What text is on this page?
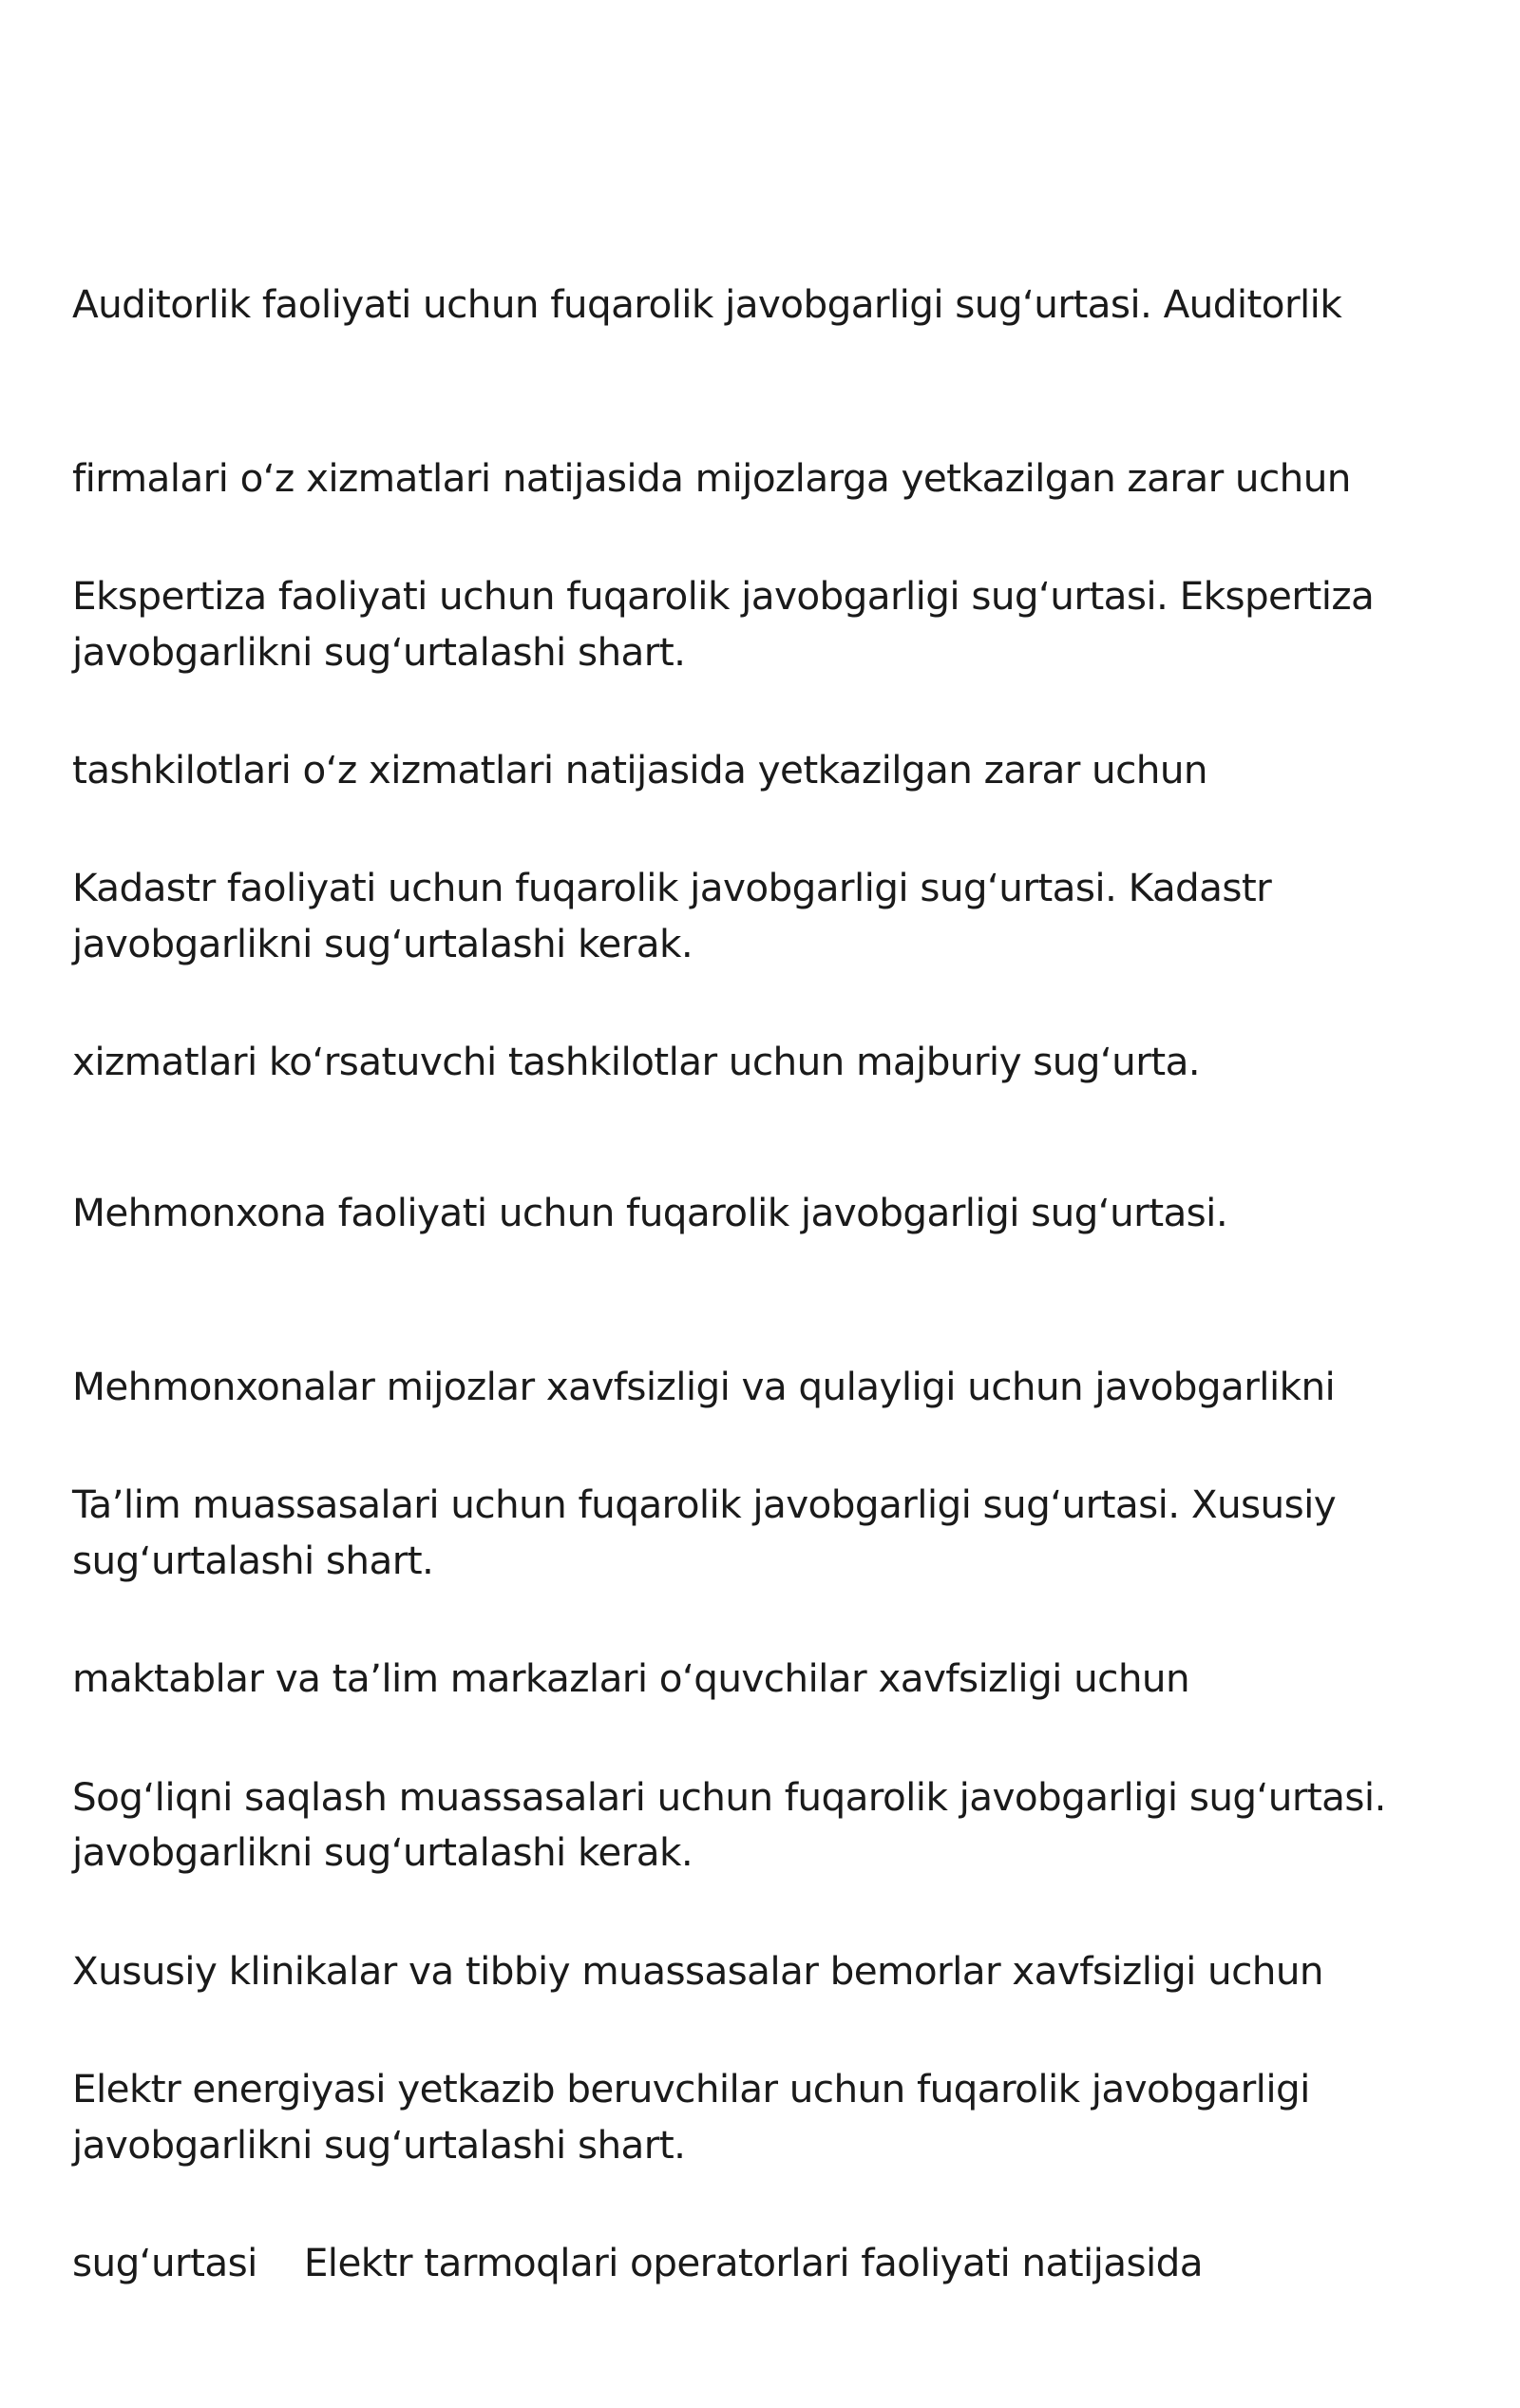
Auditorlik faoliyati uchun fuqarolik javobgarligi sug‘urtasi. Auditorlik

firmalari o‘z xizmatlari natijasida mijozlarga yetkazilgan zarar uchun

javobgarlikni sug‘urtalashi shart.

Ekspertiza faoliyati uchun fuqarolik javobgarligi sug‘urtasi. Ekspertiza

tashkilotlari o‘z xizmatlari natijasida yetkazilgan zarar uchun

javobgarlikni sug‘urtalashi kerak.

Kadastr faoliyati uchun fuqarolik javobgarligi sug‘urtasi. Kadastr

xizmatlari ko‘rsatuvchi tashkilotlar uchun majburiy sug‘urta.

Mehmonxona faoliyati uchun fuqarolik javobgarligi sug‘urtasi.

Mehmonxonalar mijozlar xavfsizligi va qulayligi uchun javobgarlikni

sug‘urtalashi shart.

Ta’lim muassasalari uchun fuqarolik javobgarligi sug‘urtasi. Xususiy

maktablar va ta’lim markazlari o‘quvchilar xavfsizligi uchun

javobgarlikni sug‘urtalashi kerak.

Sog‘liqni saqlash muassasalari uchun fuqarolik javobgarligi sug‘urtasi.

Xususiy klinikalar va tibbiy muassasalar bemorlar xavfsizligi uchun

javobgarlikni sug‘urtalashi shart.

Elektr energiyasi yetkazib beruvchilar uchun fuqarolik javobgarligi

sug‘urtasi    Elektr tarmoqlari operatorlari faoliyati natijasida
